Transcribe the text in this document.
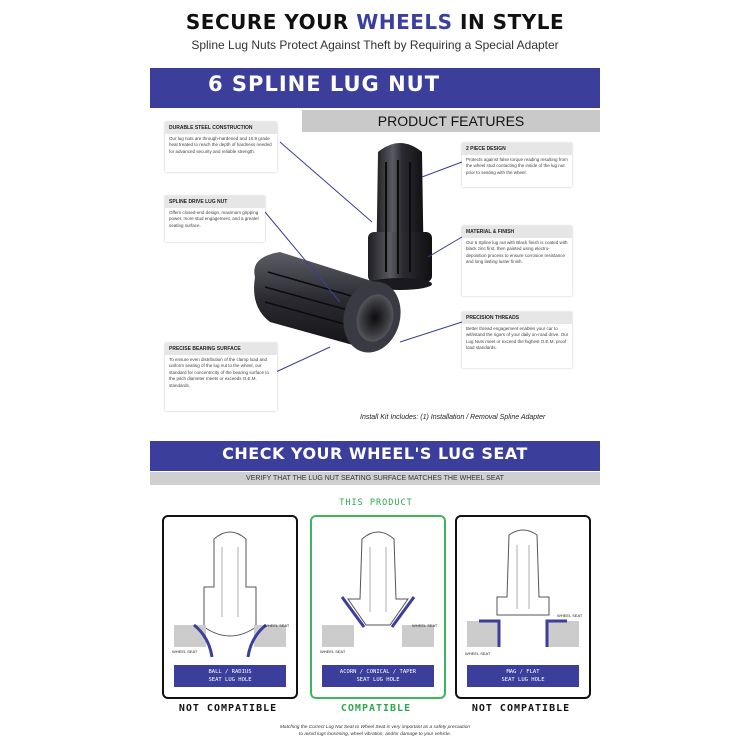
SECURE YOUR WHEELS IN STYLE
Spline Lug Nuts Protect Against Theft by Requiring a Special Adapter
6 SPLINE LUG NUT
PRODUCT FEATURES
DURABLE STEEL CONSTRUCTION
Our lug nuts are through-hardened and 10.9 grade heat treated to reach the depth of hardness needed for advanced security and reliable strength.
SPLINE DRIVE LUG NUT
Offers closed-end design, maximum gripping power, more stud engagement, and a greater seating surface.
PRECISE BEARING SURFACE
To ensure even distribution of the clamp load and uniform seating of the lug nut to the wheel, our standard for concentricity of the bearing surface to the pitch diameter meets or exceeds O.E.M. standards.
2 PIECE DESIGN
Protects against false torque reading resulting from the wheel stud contacting the inside of the lug nut prior to seating with the wheel.
MATERIAL & FINISH
Our 6 Spline lug nut with Black finish is coated with black zinc first, then painted using electro-deposition process to ensure corrosion resistance and long lasting luster finish.
PRECISION THREADS
Better thread engagement enables your car to withstand the rigors of your daily on-road drive. Our Lug Nuts meet or exceed the highest O.E.M. proof load standards.
Install Kit Includes: (1) Installation / Removal Spline Adapter
CHECK YOUR WHEEL'S LUG SEAT
VERIFY THAT THE LUG NUT SEATING SURFACE MATCHES THE WHEEL SEAT
THIS PRODUCT
WHEEL SEAT
WHEEL SEAT
BALL / RADIUS
SEAT LUG HOLE
NOT COMPATIBLE
WHEEL SEAT
WHEEL SEAT
ACORN / CONICAL / TAPER
SEAT LUG HOLE
COMPATIBLE
WHEEL SEAT
WHEEL SEAT
MAG / FLAT
SEAT LUG HOLE
NOT COMPATIBLE
Matching the Correct Lug Nut Seat to Wheel Seat is very important as a safety precaution
to avoid lugs loosening, wheel vibration, and/or damage to your vehicle.
